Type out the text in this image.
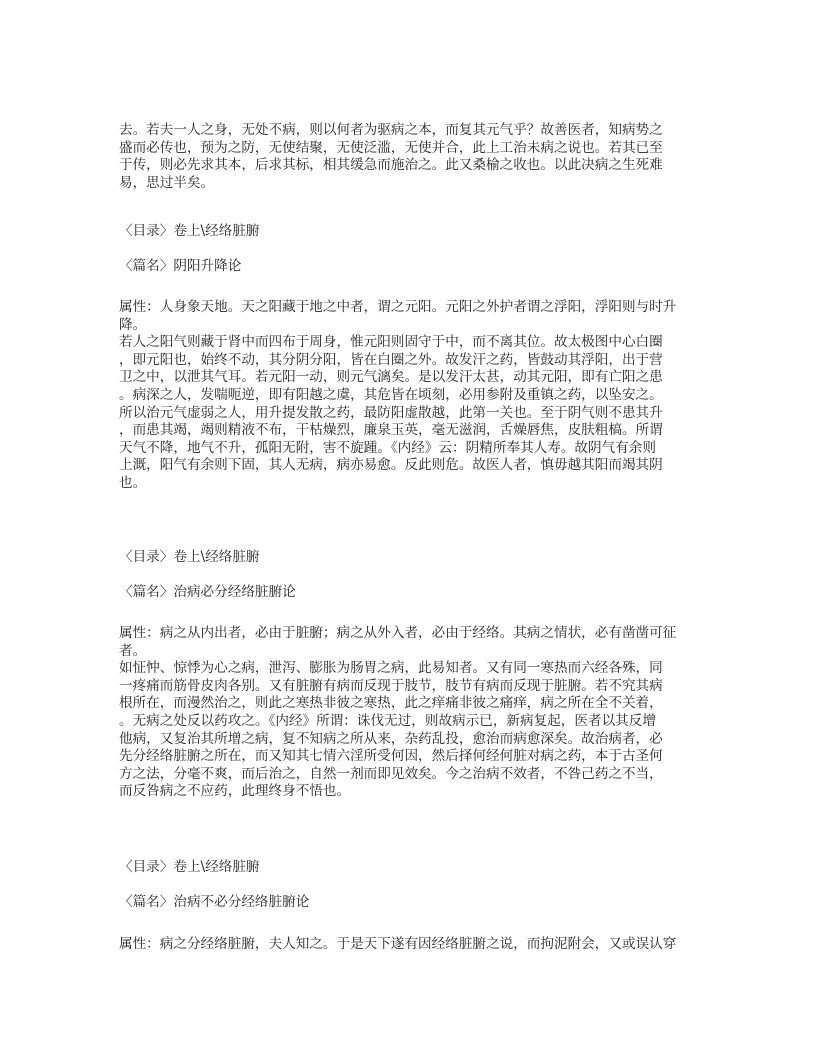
去。若夫一人之身，无处不病，则以何者为驱病之本，而复其元气乎？故善医者，知病势之
盛而必传也，预为之防，无使结聚，无使泛滥，无使并合，此上工治未病之说也。若其已至
于传，则必先求其本，后求其标，相其缓急而施治之。此又桑榆之收也。以此决病之生死难
易，思过半矣。
〈目录〉卷上\经络脏腑
〈篇名〉阴阳升降论
属性：人身象天地。天之阳藏于地之中者，谓之元阳。元阳之外护者谓之浮阳，浮阳则与时升
降。
若人之阳气则藏于肾中而四布于周身，惟元阳则固守于中，而不离其位。故太极图中心白圈
，即元阳也，始终不动，其分阴分阳，皆在白圈之外。故发汗之药，皆鼓动其浮阳，出于营
卫之中，以泄其气耳。若元阳一动，则元气漓矣。是以发汗太甚，动其元阳，即有亡阳之患
。病深之人，发喘呃逆，即有阳越之虞，其危皆在顷刻，必用参附及重镇之药，以坠安之。
所以治元气虚弱之人，用升提发散之药，最防阳虚散越，此第一关也。至于阴气则不患其升
，而患其竭，竭则精液不布，干枯燥烈，廉泉玉英，毫无滋润，舌燥唇焦，皮肤粗槁。所谓
天气不降，地气不升，孤阳无附，害不旋踵。《内经》云：阴精所奉其人寿。故阴气有余则
上溉，阳气有余则下固，其人无病，病亦易愈。反此则危。故医人者，慎毋越其阳而竭其阴
也。
〈目录〉卷上\经络脏腑
〈篇名〉治病必分经络脏腑论
属性：病之从内出者，必由于脏腑；病之从外入者，必由于经络。其病之情状，必有凿凿可征
者。
如怔忡、惊悸为心之病，泄泻、膨胀为肠胃之病，此易知者。又有同一寒热而六经各殊，同
一疼痛而筋骨皮肉各别。又有脏腑有病而反现于肢节，肢节有病而反现于脏腑。若不究其病
根所在，而漫然治之，则此之寒热非彼之寒热，此之痒痛非彼之痛痒，病之所在全不关着，
。无病之处反以药攻之。《内经》所谓：诛伐无过，则故病示已，新病复起，医者以其反增
他病，又复治其所增之病，复不知病之所从来，杂药乱投，愈治而病愈深矣。故治病者，必
先分经络脏腑之所在，而又知其七情六淫所受何因，然后择何经何脏对病之药，本于古圣何
方之法，分毫不爽，而后治之，自然一剂而即见效矣。今之治病不效者，不咎己药之不当，
而反咎病之不应药，此理终身不悟也。
〈目录〉卷上\经络脏腑
〈篇名〉治病不必分经络脏腑论
属性：病之分经络脏腑，夫人知之。于是天下遂有因经络脏腑之说，而拘泥附会，又或误认穿
